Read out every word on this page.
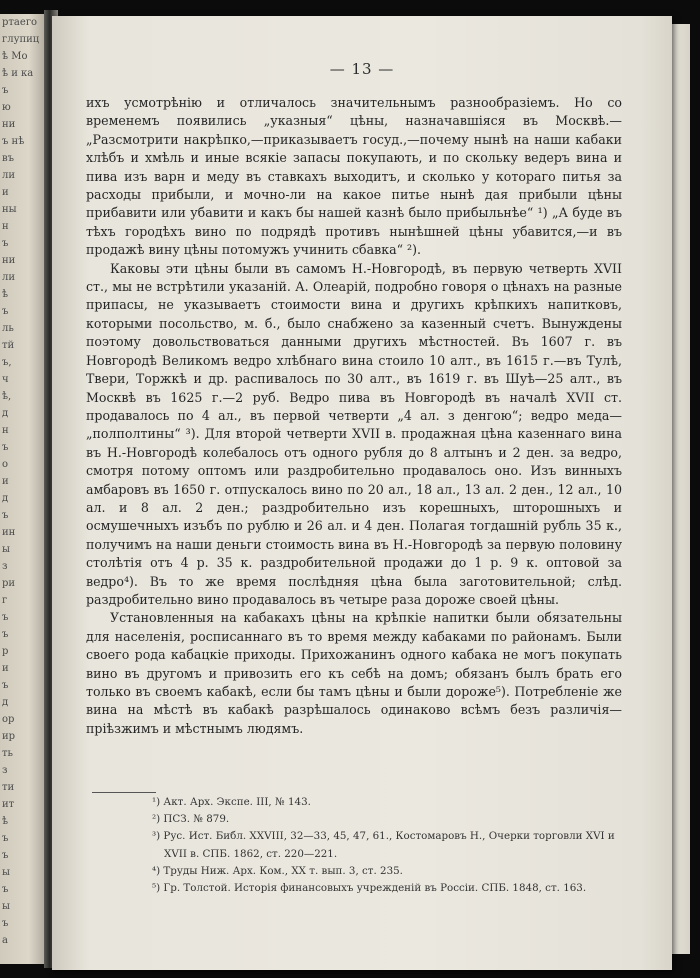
ртаего
глупиц
ѣ Мо
ѣ и ка
ъ
ю
ни
ъ нѣ
въ
ли
и
ны
н
ъ
ни
ли
ѣ
ъ
ль
тй
ъ,
ч
ѣ,
д
н
ъ
о
и
д
ъ
ин
ы
з
ри
г
ъ
ъ
р
и
ъ
д
ор
ир
ть
з
ти
ит
ѣ
ъ
ъ
ы
ъ
ы
ъ
а
— 13 —

ихъ усмотрѣнію и отличалось значительнымъ разнообразіемъ. Но со временемъ появились „указныя“ цѣны, назначавшіяся въ Москвѣ.— „Разсмотрити накрѣпко,—приказываетъ госуд.,—почему нынѣ на наши кабаки хлѣбъ и хмѣль и иные всякіе запасы покупають, и по скольку ведеръ вина и пива изъ варн и меду въ ставкахъ выходитъ, и сколько у котораго питья за расходы прибыли, и мочно-ли на какое питье нынѣ дая прибыли цѣны прибавити или убавити и какъ бы нашей казнѣ было прибыльнѣе“ ¹) „А буде въ тѣхъ городѣхъ вино по подрядѣ противъ нынѣшней цѣны убавится,—и въ продажѣ вину цѣны потомужъ учинить сбавка“ ²).

Каковы эти цѣны были въ самомъ Н.-Новгородѣ, въ первую четверть XVII ст., мы не встрѣтили указаній. А. Олеарій, подробно говоря о цѣнахъ на разные припасы, не указываетъ стоимости вина и другихъ крѣпкихъ напитковъ, которыми посольство, м. б., было снабжено за казенный счетъ. Вынуждены поэтому довольствоваться данными другихъ мѣстностей. Въ 1607 г. въ Новгородѣ Великомъ ведро хлѣбнаго вина стоило 10 алт., въ 1615 г.—въ Тулѣ, Твери, Торжкѣ и др. распивалось по 30 алт., въ 1619 г. въ Шуѣ—25 алт., въ Москвѣ въ 1625 г.—2 руб. Ведро пива въ Новгородѣ въ началѣ XVII ст. продавалось по 4 ал., въ первой четверти „4 ал. з денгою“; ведро меда—„полполтины“ ³). Для второй четверти XVII в. продажная цѣна казеннаго вина въ Н.-Новгородѣ колебалось отъ одного рубля до 8 алтынъ и 2 ден. за ведро, смотря потому оптомъ или раздробительно продавалось оно. Изъ винныхъ амбаровъ въ 1650 г. отпускалось вино по 20 ал., 18 ал., 13 ал. 2 ден., 12 ал., 10 ал. и 8 ал. 2 ден.; раздробительно изъ корешныхъ, шторошныхъ и осмушечныхъ изъбъ по рублю и 26 ал. и 4 ден. Полагая тогдашній рубль 35 к., получимъ на наши деньги стоимость вина въ Н.-Новгородѣ за первую половину столѣтія отъ 4 р. 35 к. раздробительной продажи до 1 р. 9 к. оптовой за ведро⁴). Въ то же время послѣдняя цѣна была заготовительной; слѣд. раздробительно вино продавалось въ четыре раза дороже своей цѣны.

Установленныя на кабакахъ цѣны на крѣпкіе напитки были обязательны для населенія, росписаннаго въ то время между кабаками по районамъ. Были своего рода кабацкіе приходы. Прихожанинъ одного кабака не могъ покупать вино въ другомъ и привозить его къ себѣ на домъ; обязанъ былъ брать его только въ своемъ кабакѣ, если бы тамъ цѣны и были дороже⁵). Потребленіе же вина на мѣстѣ въ кабакѣ разрѣшалось одинаково всѣмъ безъ различія—пріѣзжимъ и мѣстнымъ людямъ.

¹) Акт. Арх. Экспе. III, № 143.

²) ПСЗ. № 879.

³) Рус. Ист. Библ. XXVIII, 32—33, 45, 47, 61., Костомаровъ Н., Очерки торговли XVI и XVII в. СПБ. 1862, ст. 220—221.

⁴) Труды Ниж. Арх. Ком., XX т. вып. 3, ст. 235.

⁵) Гр. Толстой. Исторія финансовыхъ учрежденій въ Россіи. СПБ. 1848, ст. 163.
